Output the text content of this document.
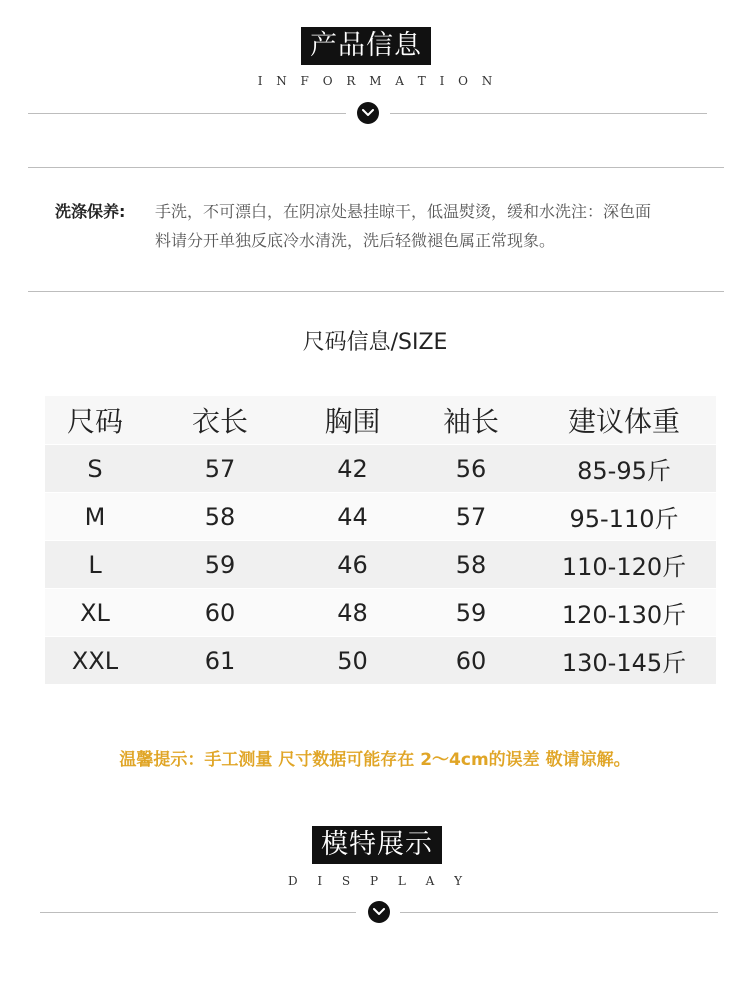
产品信息
I N F O R M A T I O N
洗涤保养: 手洗，不可漂白，在阴凉处悬挂晾干，低温熨烫，缓和水洗注：深色面料请分开单独反底冷水清洗，洗后轻微褪色属正常现象。
尺码信息/SIZE
尺码	衣长	胸围	袖长	建议体重
S	57	42	56	85-95斤
M	58	44	57	95-110斤
L	59	46	58	110-120斤
XL	60	48	59	120-130斤
XXL	61	50	60	130-145斤
温馨提示：手工测量 尺寸数据可能存在 2～4cm的误差 敬请谅解。
模特展示
D I S P L A Y
